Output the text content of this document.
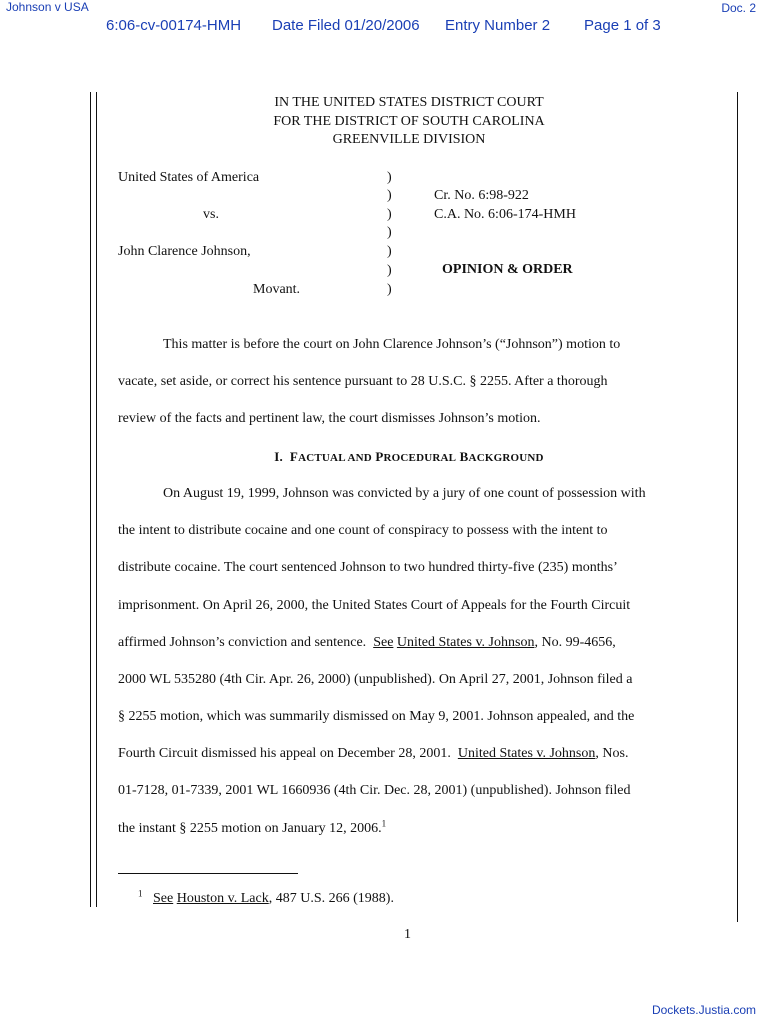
Johnson v USA	Doc. 2
6:06-cv-00174-HMH Date Filed 01/20/2006 Entry Number 2 Page 1 of 3
IN THE UNITED STATES DISTRICT COURT
FOR THE DISTRICT OF SOUTH CAROLINA
GREENVILLE DIVISION
United States of America
vs.
John Clarence Johnson,
Movant.
)
)
)
)
)
)
)
Cr. No. 6:98-922
C.A. No. 6:06-174-HMH
OPINION & ORDER
This matter is before the court on John Clarence Johnson’s (“Johnson”) motion to
vacate, set aside, or correct his sentence pursuant to 28 U.S.C. § 2255. After a thorough
review of the facts and pertinent law, the court dismisses Johnson’s motion.
I. FACTUAL AND PROCEDURAL BACKGROUND
On August 19, 1999, Johnson was convicted by a jury of one count of possession with
the intent to distribute cocaine and one count of conspiracy to possess with the intent to
distribute cocaine. The court sentenced Johnson to two hundred thirty-five (235) months’
imprisonment. On April 26, 2000, the United States Court of Appeals for the Fourth Circuit
affirmed Johnson’s conviction and sentence.  See United States v. Johnson, No. 99-4656,
2000 WL 535280 (4th Cir. Apr. 26, 2000) (unpublished). On April 27, 2001, Johnson filed a
§ 2255 motion, which was summarily dismissed on May 9, 2001. Johnson appealed, and the
Fourth Circuit dismissed his appeal on December 28, 2001.  United States v. Johnson, Nos.
01-7128, 01-7339, 2001 WL 1660936 (4th Cir. Dec. 28, 2001) (unpublished). Johnson filed
the instant § 2255 motion on January 12, 2006.$^1$
$^1$ See Houston v. Lack, 487 U.S. 266 (1988).
1
Dockets.Justia.com
